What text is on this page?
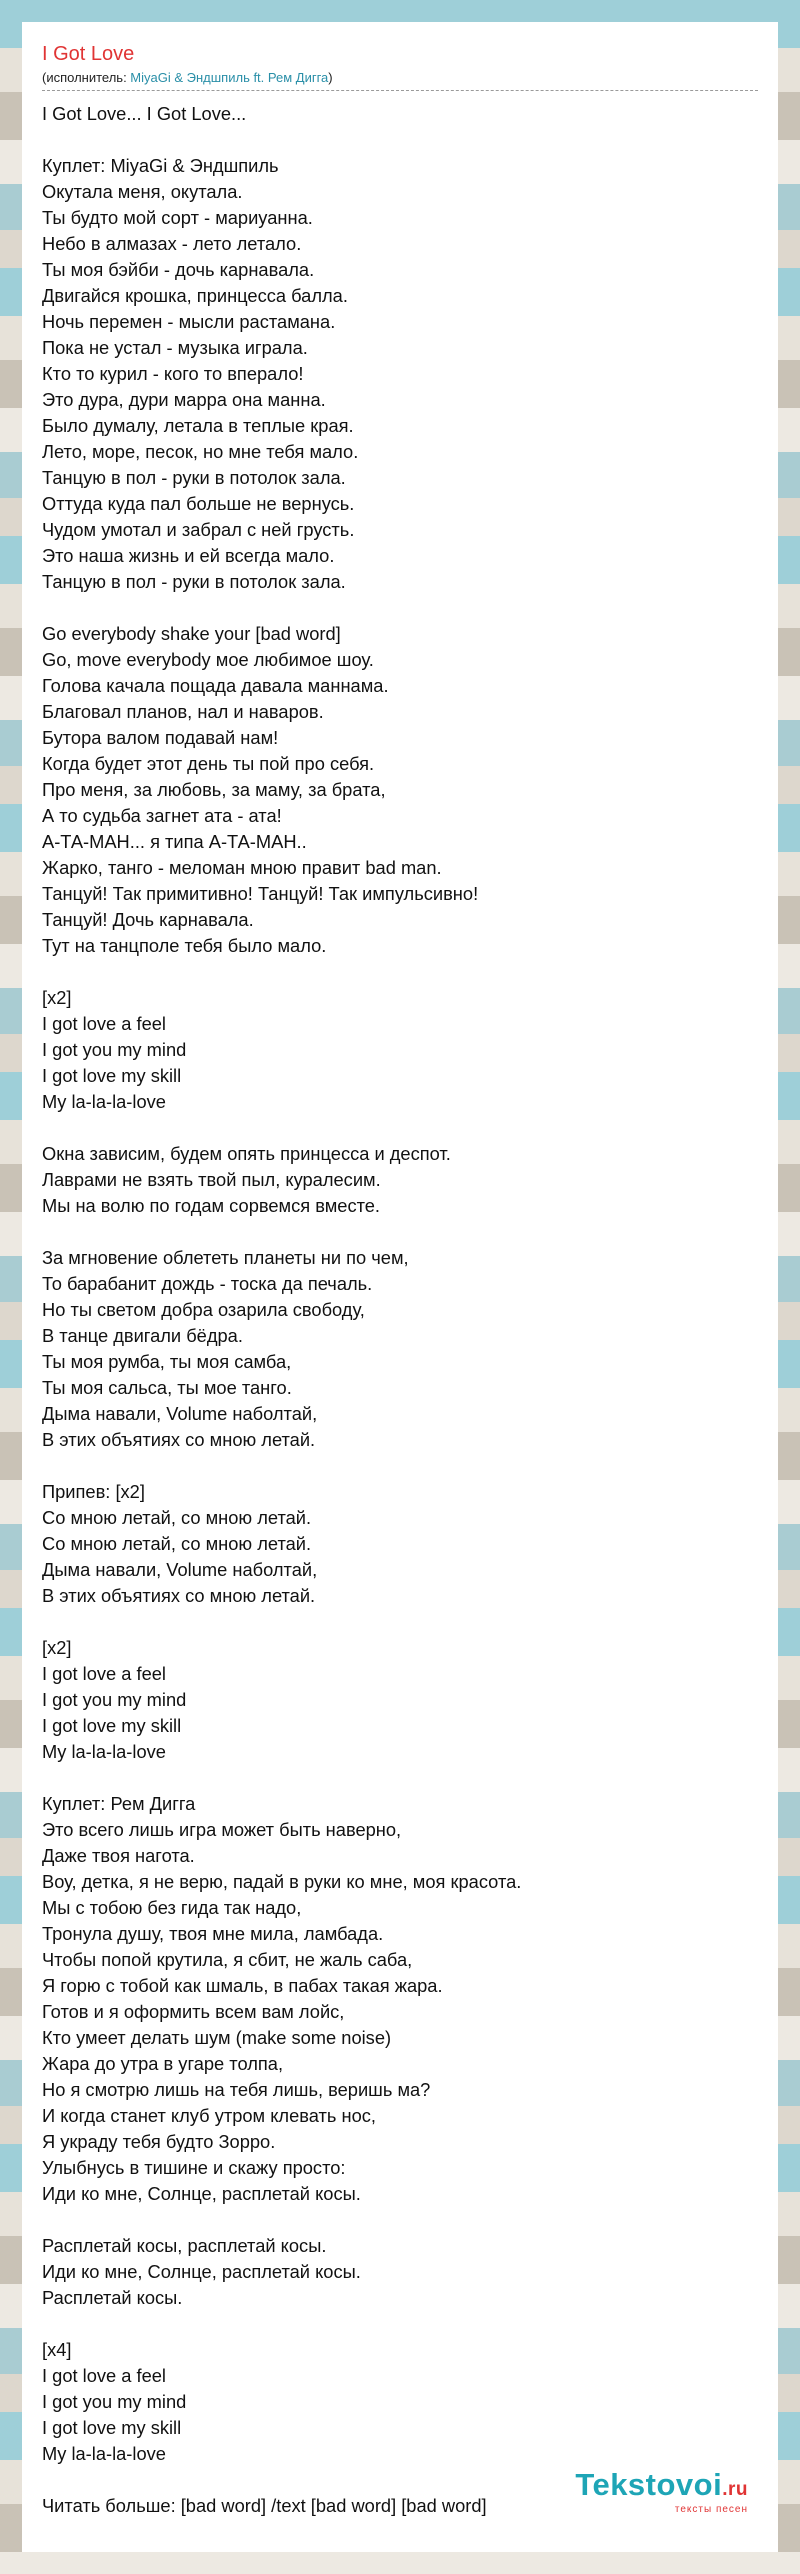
I Got Love
(исполнитель: MiyaGi & Эндшпиль ft. Рем Дигга)
I Got Love... I Got Love...
Куплет: MiyaGi & Эндшпиль
Окутала меня, окутала.
Ты будто мой сорт - мариуанна.
Небо в алмазах - лето летало.
Ты моя бэйби - дочь карнавала.
Двигайся крошка, принцесса балла.
Ночь перемен - мысли растамана.
Пока не устал - музыка играла.
Кто то курил - кого то вперало!
Это дура, дури марра она манна.
Было думалу, летала в теплые края.
Лето, море, песок, но мне тебя мало.
Танцую в пол - руки в потолок зала.
Оттуда куда пал больше не вернусь.
Чудом умотал и забрал с ней грусть.
Это наша жизнь и ей всегда мало.
Танцую в пол - руки в потолок зала.
Go everybody shake your [bad word]
Go, move everybody мое любимое шоу.
Голова качала пощада давала маннама.
Благовал планов, нал и наваров.
Бутора валом подавай нам!
Когда будет этот день ты пой про себя.
Про меня, за любовь, за маму, за брата,
А то судьба загнет ата - ата!
А-ТА-МАН... я типа А-ТА-МАН..
Жарко, танго - меломан мною правит bad man.
Танцуй! Так примитивно! Танцуй! Так импульсивно!
Танцуй! Дочь карнавала.
Тут на танцполе тебя было мало.
[x2]
I got love a feel
I got you my mind
I got love my skill
My la-la-la-love
Окна зависим, будем опять принцесса и деспот.
Лаврами не взять твой пыл, куралесим.
Мы на волю по годам сорвемся вместе.
За мгновение облететь планеты ни по чем,
То барабанит дождь - тоска да печаль.
Но ты светом добра озарила свободу,
В танце двигали бёдра.
Ты моя румба, ты моя самба,
Ты моя сальса, ты мое танго.
Дыма навали, Volume наболтай,
В этих объятиях со мною летай.
Припев: [x2]
Со мною летай, со мною летай.
Со мною летай, со мною летай.
Дыма навали, Volume наболтай,
В этих объятиях со мною летай.
[x2]
I got love a feel
I got you my mind
I got love my skill
My la-la-la-love
Куплет: Рем Дигга
Это всего лишь игра может быть наверно,
Даже твоя нагота.
Воу, детка, я не верю, падай в руки ко мне, моя красота.
Мы с тобою без гида так надо,
Тронула душу, твоя мне мила, ламбада.
Чтобы попой крутила, я сбит, не жаль саба,
Я горю с тобой как шмаль, в пабах такая жара.
Готов и я оформить всем вам лойс,
Кто умеет делать шум (make some noise)
Жара до утра в угаре толпа,
Но я смотрю лишь на тебя лишь, веришь ма?
И когда станет клуб утром клевать нос,
Я украду тебя будто Зорро.
Улыбнусь в тишине и скажу просто:
Иди ко мне, Солнце, расплетай косы.
Расплетай косы, расплетай косы.
Иди ко мне, Солнце, расплетай косы.
Расплетай косы.
[x4]
I got love a feel
I got you my mind
I got love my skill
My la-la-la-love
Читать больше: [bad word] /text [bad word] [bad word]
Tekstovoi.ru
тексты песен
